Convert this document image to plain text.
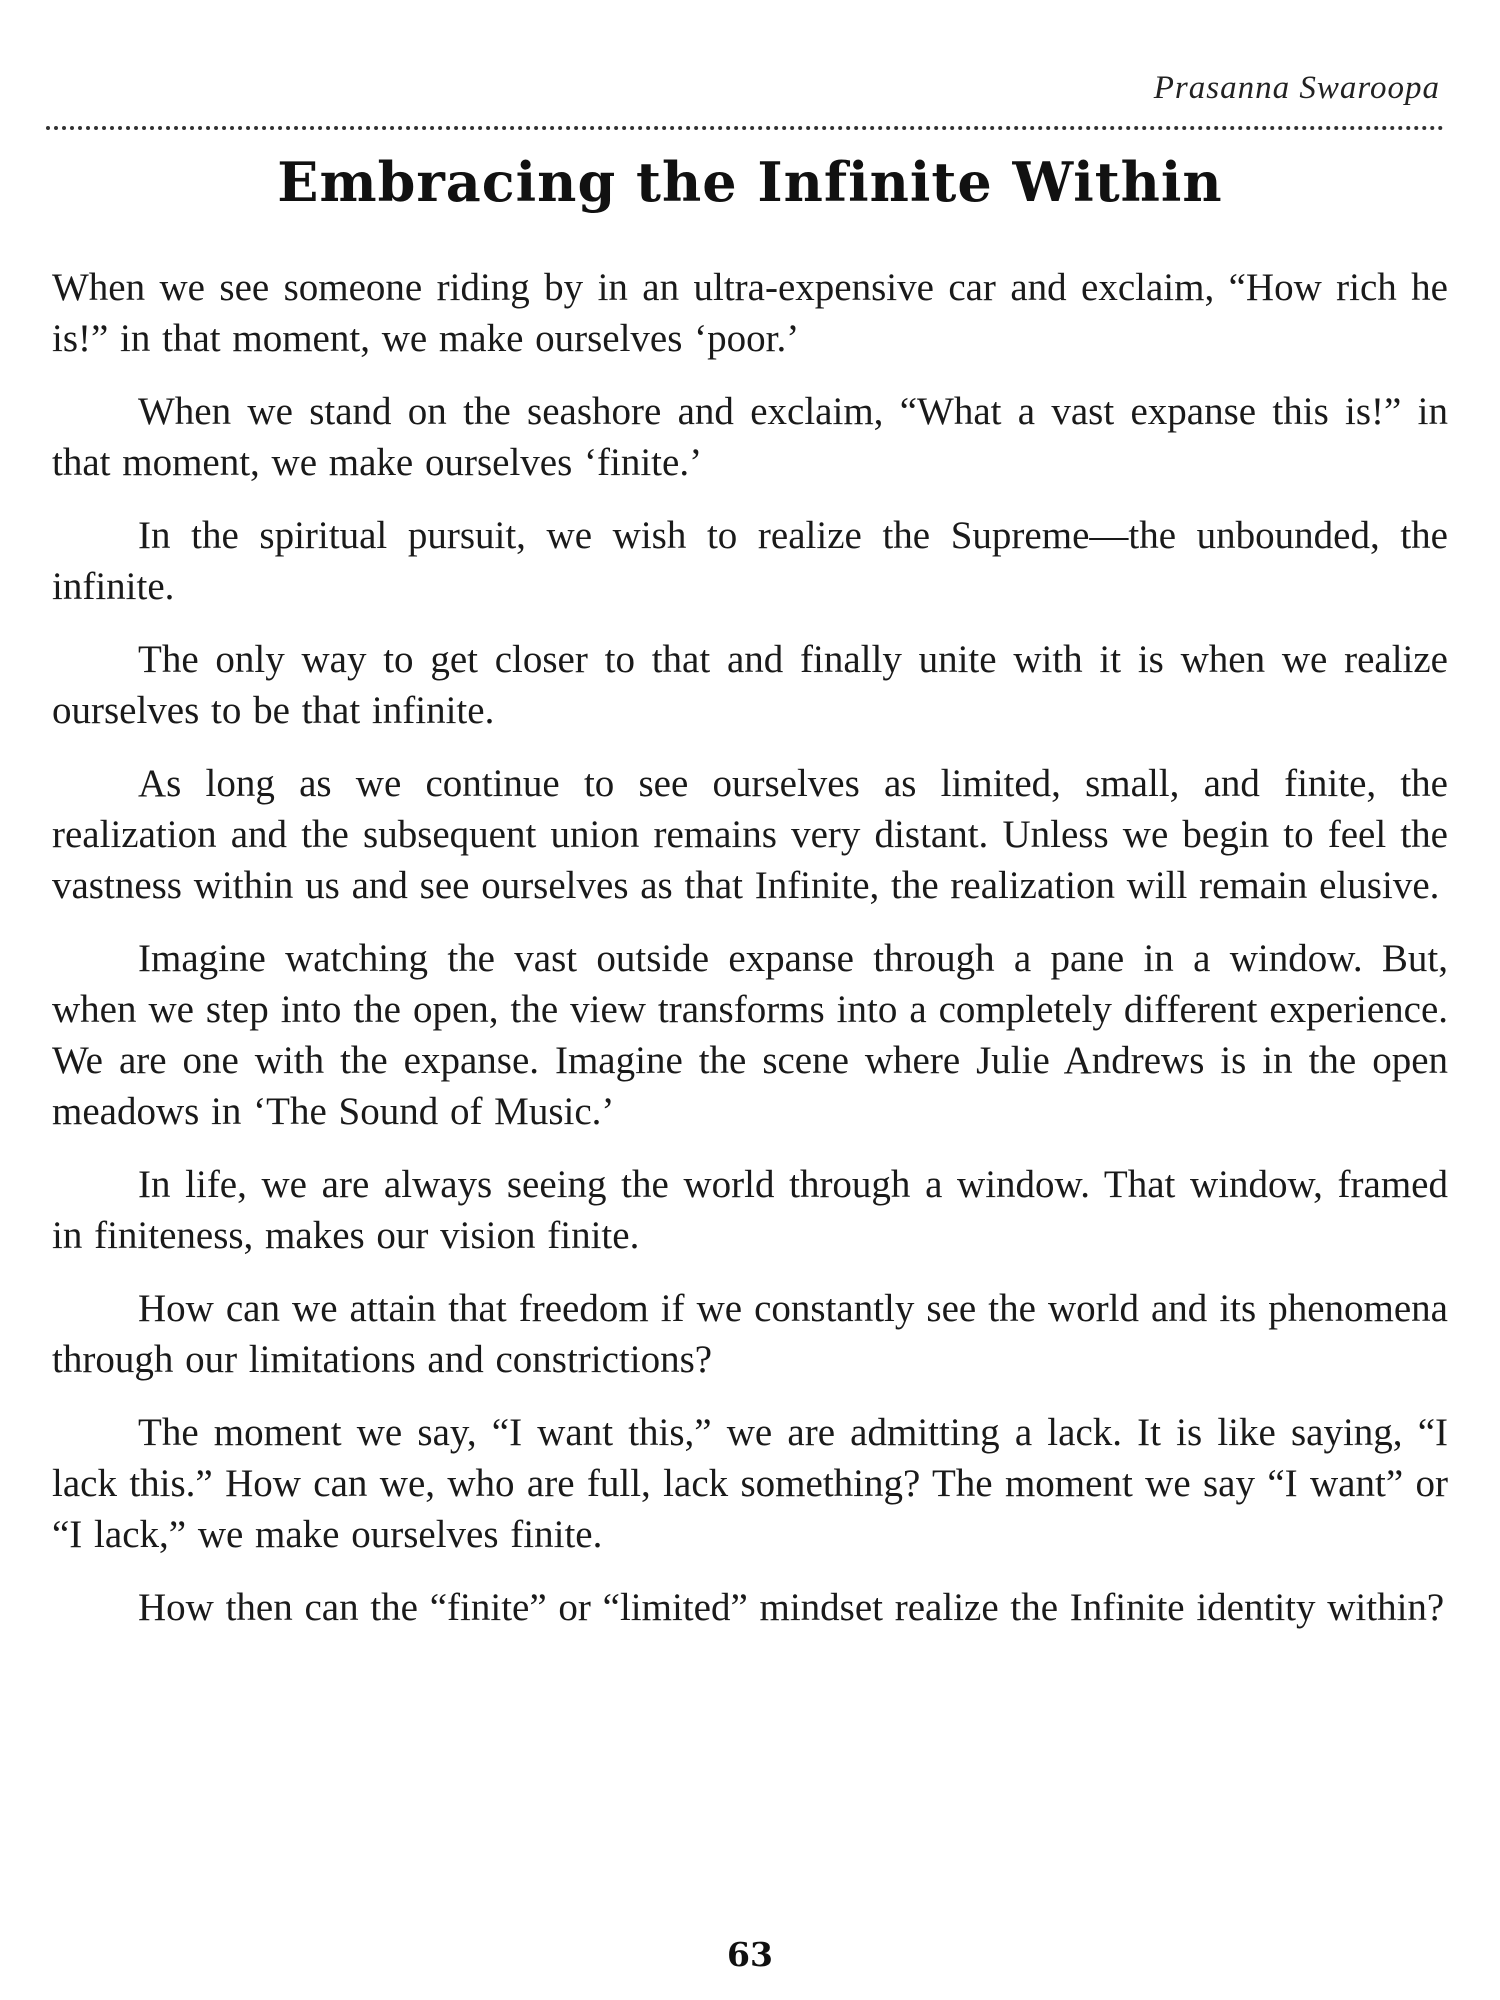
Prasanna Swaroopa
Embracing the Infinite Within

When we see someone riding by in an ultra-expensive car and exclaim, “How rich he is!” in that moment, we make ourselves ‘poor.’

When we stand on the seashore and exclaim, “What a vast expanse this is!” in that moment, we make ourselves ‘finite.’

In the spiritual pursuit, we wish to realize the Supreme—the unbounded, the infinite.

The only way to get closer to that and finally unite with it is when we realize ourselves to be that infinite.

As long as we continue to see ourselves as limited, small, and finite, the realization and the subsequent union remains very distant. Unless we begin to feel the vastness within us and see ourselves as that Infinite, the realization will remain elusive.

Imagine watching the vast outside expanse through a pane in a window. But, when we step into the open, the view transforms into a completely different experience. We are one with the expanse. Imagine the scene where Julie Andrews is in the open meadows in ‘The Sound of Music.’

In life, we are always seeing the world through a window. That window, framed in finiteness, makes our vision finite.

How can we attain that freedom if we constantly see the world and its phenomena through our limitations and constrictions?

The moment we say, “I want this,” we are admitting a lack. It is like saying, “I lack this.” How can we, who are full, lack something? The moment we say “I want” or “I lack,” we make ourselves finite.

How then can the “finite” or “limited” mindset realize the Infinite identity within?

63
